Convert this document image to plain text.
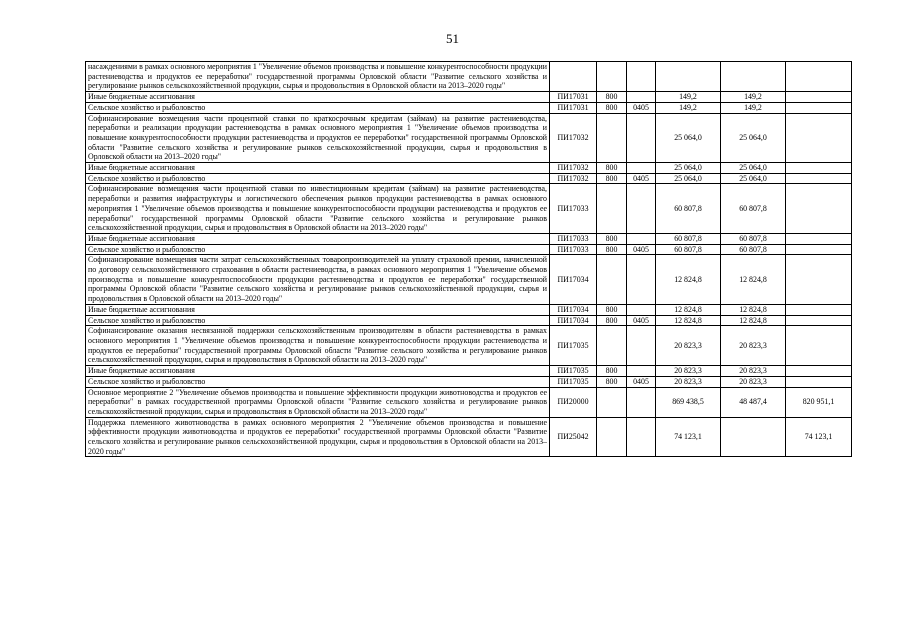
51
насаждениями в рамках основного мероприятия 1 "Увеличение объемов производства и повышение конкурентоспособности продукции растениеводства и продуктов ее переработки" государственной программы Орловской области "Развитие сельского хозяйства и регулирование рынков сельскохозяйственной продукции, сырья и продовольствия в Орловской области на 2013–2020 годы"						
Иные бюджетные ассигнования	ПИ17031	800		149,2	149,2	
Сельское хозяйство и рыболовство	ПИ17031	800	0405	149,2	149,2	
Софинансирование возмещения части процентной ставки по краткосрочным кредитам (займам) на развитие растениеводства, переработки и реализации продукции растениеводства в рамках основного мероприятия 1 "Увеличение объемов производства и повышение конкурентоспособности продукции растениеводства и продуктов ее переработки" государственной программы Орловской области "Развитие сельского хозяйства и регулирование рынков сельскохозяйственной продукции, сырья и продовольствия в Орловской области на 2013–2020 годы"	ПИ17032			25 064,0	25 064,0	
Иные бюджетные ассигнования	ПИ17032	800		25 064,0	25 064,0	
Сельское хозяйство и рыболовство	ПИ17032	800	0405	25 064,0	25 064,0	
Софинансирование возмещения части процентной ставки по инвестиционным кредитам (займам) на развитие растениеводства, переработки и развития инфраструктуры и логистического обеспечения рынков продукции растениеводства в рамках основного мероприятия 1 "Увеличение объемов производства и повышение конкурентоспособности продукции растениеводства и продуктов ее переработки" государственной программы Орловской области "Развитие сельского хозяйства и регулирование рынков сельскохозяйственной продукции, сырья и продовольствия в Орловской области на 2013–2020 годы"	ПИ17033			60 807,8	60 807,8	
Иные бюджетные ассигнования	ПИ17033	800		60 807,8	60 807,8	
Сельское хозяйство и рыболовство	ПИ17033	800	0405	60 807,8	60 807,8	
Софинансирование возмещения части затрат сельскохозяйственных товаропроизводителей на уплату страховой премии, начисленной по договору сельскохозяйственного страхования в области растениеводства, в рамках основного мероприятия 1 "Увеличение объемов производства и повышение конкурентоспособности продукции растениеводства и продуктов ее переработки" государственной программы Орловской области "Развитие сельского хозяйства и регулирование рынков сельскохозяйственной продукции, сырья и продовольствия в Орловской области на 2013–2020 годы"	ПИ17034			12 824,8	12 824,8	
Иные бюджетные ассигнования	ПИ17034	800		12 824,8	12 824,8	
Сельское хозяйство и рыболовство	ПИ17034	800	0405	12 824,8	12 824,8	
Софинансирование оказания несвязанной поддержки сельскохозяйственным производителям в области растениеводства в рамках основного мероприятия 1 "Увеличение объемов производства и повышение конкурентоспособности продукции растениеводства и продуктов ее переработки" государственной программы Орловской области "Развитие сельского хозяйства и регулирование рынков сельскохозяйственной продукции, сырья и продовольствия в Орловской области на 2013–2020 годы"	ПИ17035			20 823,3	20 823,3	
Иные бюджетные ассигнования	ПИ17035	800		20 823,3	20 823,3	
Сельское хозяйство и рыболовство	ПИ17035	800	0405	20 823,3	20 823,3	
Основное мероприятие 2 "Увеличение объемов производства и повышение эффективности продукции животноводства и продуктов ее переработки" в рамках государственной программы Орловской области "Развитие сельского хозяйства и регулирование рынков сельскохозяйственной продукции, сырья и продовольствия в Орловской области на 2013–2020 годы"	ПИ20000			869 438,5	48 487,4	820 951,1
Поддержка племенного животноводства в рамках основного мероприятия 2 "Увеличение объемов производства и повышение эффективности продукции животноводства и продуктов ее переработки" государственной программы Орловской области "Развитие сельского хозяйства и регулирование рынков сельскохозяйственной продукции, сырья и продовольствия в Орловской области на 2013–2020 годы"	ПИ25042			74 123,1		74 123,1
